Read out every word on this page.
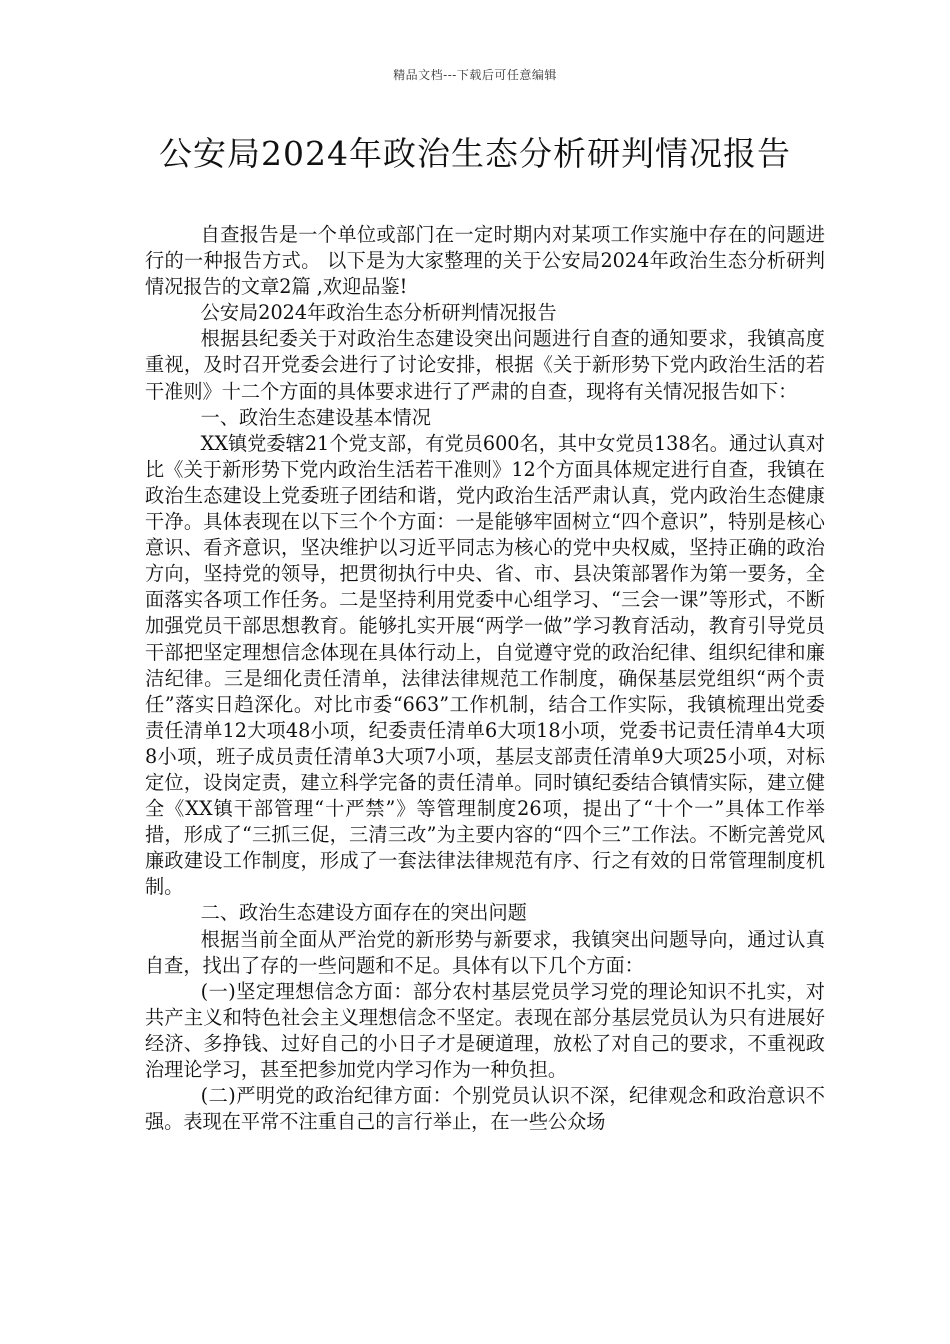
精品文档---下载后可任意编辑
公安局2024年政治生态分析研判情况报告

自查报告是一个单位或部门在一定时期内对某项工作实施中存在的问题进行的一种报告方式。 以下是为大家整理的关于公安局2024年政治生态分析研判情况报告的文章2篇 ,欢迎品鉴!

公安局2024年政治生态分析研判情况报告

根据县纪委关于对政治生态建设突出问题进行自查的通知要求，我镇高度重视，及时召开党委会进行了讨论安排，根据《关于新形势下党内政治生活的若干准则》十二个方面的具体要求进行了严肃的自查，现将有关情况报告如下：

一、政治生态建设基本情况

XX镇党委辖21个党支部，有党员600名，其中女党员138名。通过认真对比《关于新形势下党内政治生活若干准则》12个方面具体规定进行自查，我镇在政治生态建设上党委班子团结和谐，党内政治生活严肃认真，党内政治生态健康干净。具体表现在以下三个个方面：一是能够牢固树立“四个意识”，特别是核心意识、看齐意识，坚决维护以习近平同志为核心的党中央权威，坚持正确的政治方向，坚持党的领导，把贯彻执行中央、省、市、县决策部署作为第一要务，全面落实各项工作任务。二是坚持利用党委中心组学习、“三会一课”等形式，不断加强党员干部思想教育。能够扎实开展“两学一做”学习教育活动，教育引导党员干部把坚定理想信念体现在具体行动上，自觉遵守党的政治纪律、组织纪律和廉洁纪律。三是细化责任清单，法律法律规范工作制度，确保基层党组织“两个责任”落实日趋深化。对比市委“663”工作机制，结合工作实际，我镇梳理出党委责任清单12大项48小项，纪委责任清单6大项18小项，党委书记责任清单4大项8小项，班子成员责任清单3大项7小项，基层支部责任清单9大项25小项，对标定位，设岗定责，建立科学完备的责任清单。同时镇纪委结合镇情实际，建立健全《XX镇干部管理“十严禁”》等管理制度26项，提出了“十个一”具体工作举措，形成了“三抓三促，三清三改”为主要内容的“四个三”工作法。不断完善党风廉政建设工作制度，形成了一套法律法律规范有序、行之有效的日常管理制度机制。

二、政治生态建设方面存在的突出问题

根据当前全面从严治党的新形势与新要求，我镇突出问题导向，通过认真自查，找出了存的一些问题和不足。具体有以下几个方面：

(一)坚定理想信念方面：部分农村基层党员学习党的理论知识不扎实，对共产主义和特色社会主义理想信念不坚定。表现在部分基层党员认为只有进展好经济、多挣钱、过好自己的小日子才是硬道理，放松了对自己的要求，不重视政治理论学习，甚至把参加党内学习作为一种负担。

(二)严明党的政治纪律方面：个别党员认识不深，纪律观念和政治意识不强。表现在平常不注重自己的言行举止，在一些公众场
